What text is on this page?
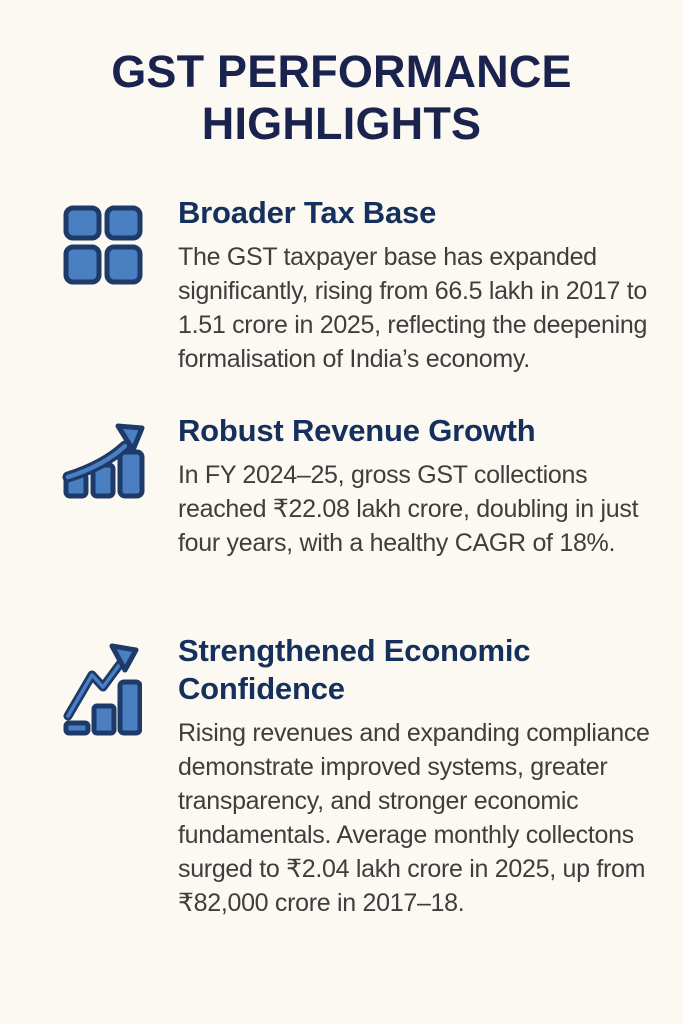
GST PERFORMANCE HIGHLIGHTS
Broader Tax Base

The GST taxpayer base has expanded significantly, rising from 66.5 lakh in 2017 to 1.51 crore in 2025, reflecting the deepening formalisation of India’s economy.

Robust Revenue Growth

In FY 2024–25, gross GST collections reached ₹22.08 lakh crore, doubling in just four years, with a healthy CAGR of 18%.

Strengthened Economic Confidence

Rising revenues and expanding compliance demonstrate improved systems, greater transparency, and stronger economic fundamentals. Average monthly collectons surged to ₹2.04 lakh crore in 2025, up from ₹82,000 crore in 2017–18.
